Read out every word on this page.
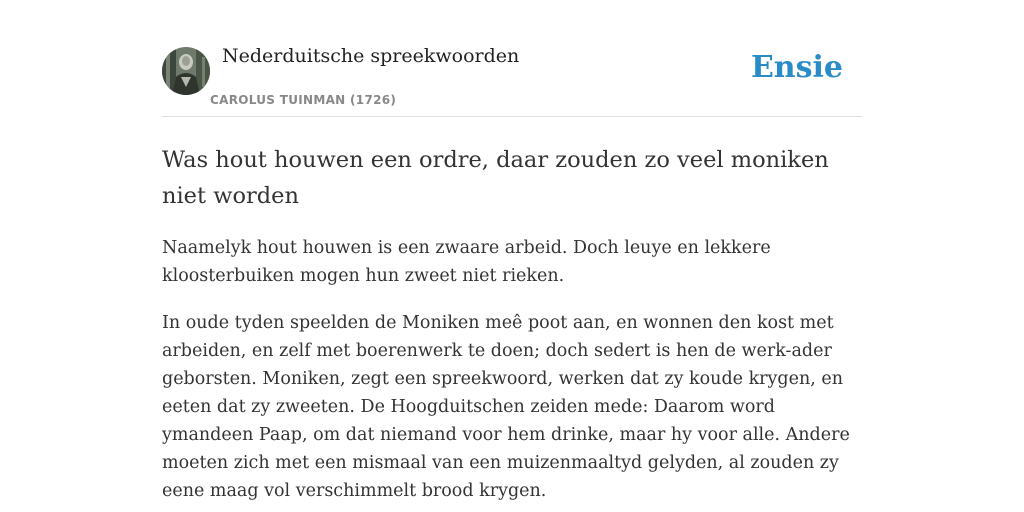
Nederduitsche spreekwoorden
CAROLUS TUINMAN (1726)
Ensie
Was hout houwen een ordre, daar zouden zo veel moniken niet worden

Naamelyk hout houwen is een zwaare arbeid. Doch leuye en lekkere kloosterbuiken mogen hun zweet niet rieken.

In oude tyden speelden de Moniken meê poot aan, en wonnen den kost met arbeiden, en zelf met boerenwerk te doen; doch sedert is hen de werk-ader geborsten. Moniken, zegt een spreekwoord, werken dat zy koude krygen, en eeten dat zy zweeten. De Hoogduitschen zeiden mede: Daarom word ymandeen Paap, om dat niemand voor hem drinke, maar hy voor alle. Andere moeten zich met een mismaal van een muizenmaaltyd gelyden, al zouden zy eene maag vol verschimmelt brood krygen.
